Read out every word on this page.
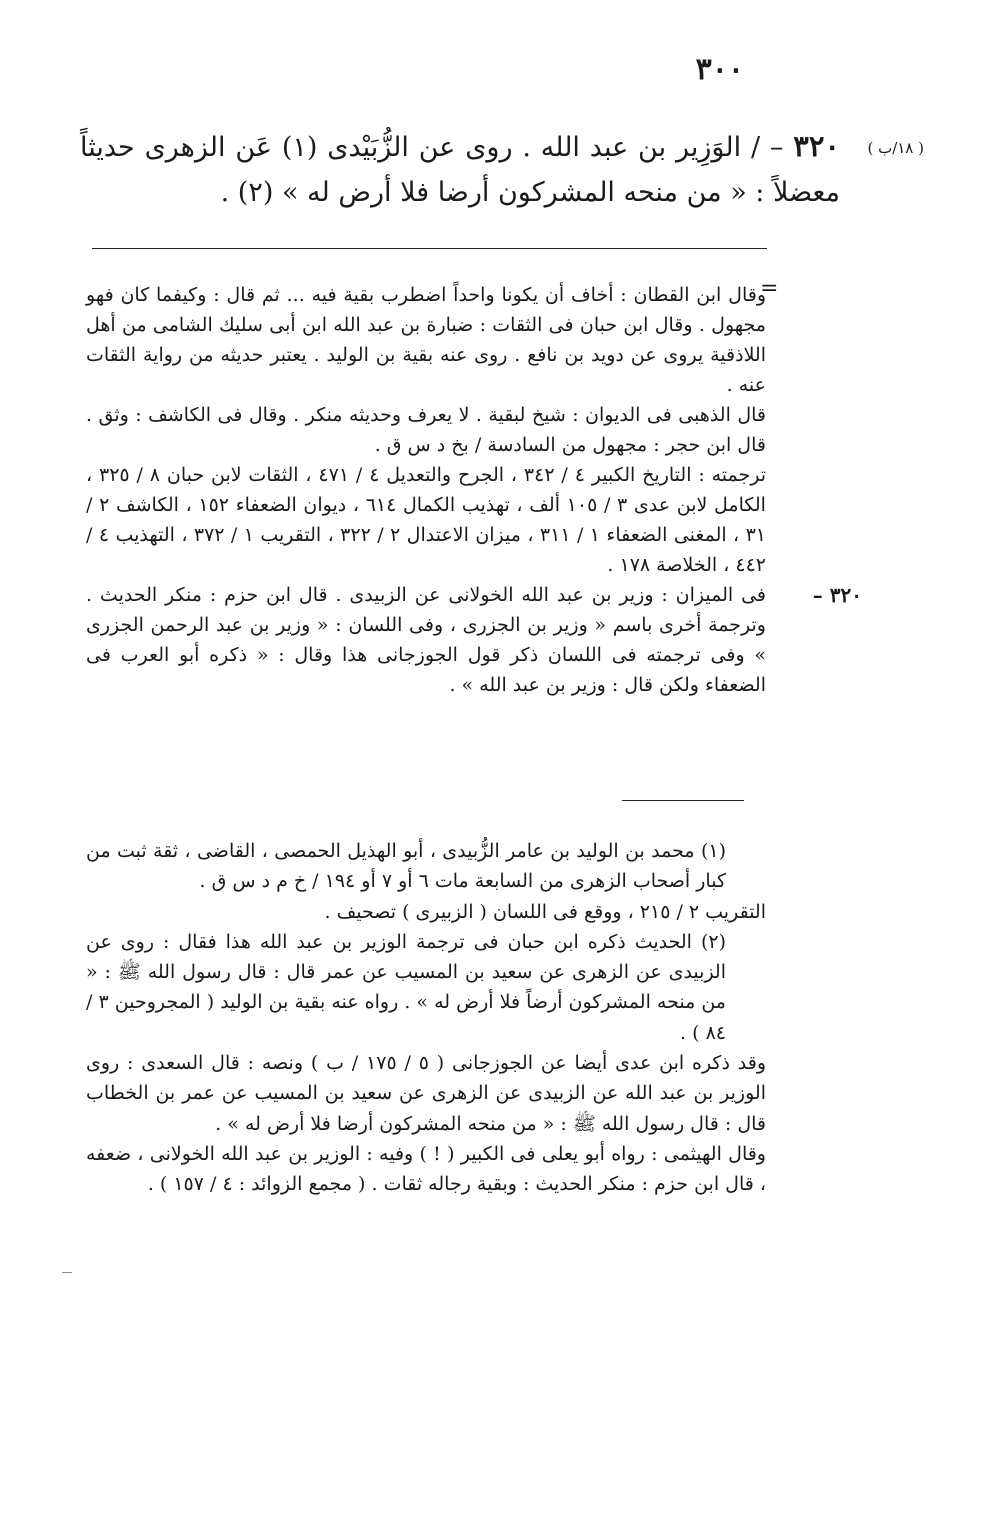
٣٠٠
( ١٨/ب )
٣٢٠ – / الوَزِير بن عبد الله . روى عن الزُّبَيْدى (١) عَن الزهرى حديثاً معضلاً : « من منحه المشركون أرضا فلا أرض له » (٢) .
=

وقال ابن القطان : أخاف أن يكونا واحداً اضطرب بقية فيه ... ثم قال : وكيفما كان فهو مجهول . وقال ابن حبان فى الثقات : ضبارة بن عبد الله ابن أبى سليك الشامى من أهل اللاذقية يروى عن دويد بن نافع . روى عنه بقية بن الوليد . يعتبر حديثه من رواية الثقات عنه .

قال الذهبى فى الديوان : شيخ لبقية . لا يعرف وحديثه منكر . وقال فى الكاشف : وثق . قال ابن حجر : مجهول من السادسة / بخ د س ق .

ترجمته : التاريخ الكبير ٤ / ٣٤٢ ، الجرح والتعديل ٤ / ٤٧١ ، الثقات لابن حبان ٨ / ٣٢٥ ، الكامل لابن عدى ٣ / ١٠٥ ألف ، تهذيب الكمال ٦١٤ ، ديوان الضعفاء ١٥٢ ، الكاشف ٢ / ٣١ ، المغنى الضعفاء ١ / ٣١١ ، ميزان الاعتدال ٢ / ٣٢٢ ، التقريب ١ / ٣٧٢ ، التهذيب ٤ / ٤٤٢ ، الخلاصة ١٧٨ .

٣٢٠ –
فى الميزان : وزير بن عبد الله الخولانى عن الزبيدى . قال ابن حزم : منكر الحديث . وترجمة أخرى باسم « وزير بن الجزرى ، وفى اللسان : « وزير بن عبد الرحمن الجزرى » وفى ترجمته فى اللسان ذكر قول الجوزجانى هذا وقال : « ذكره أبو العرب فى الضعفاء ولكن قال : وزير بن عبد الله » .

(١) محمد بن الوليد بن عامر الزُّبيدى ، أبو الهذيل الحمصى ، القاضى ، ثقة ثبت من كبار أصحاب الزهرى من السابعة مات ٦ أو ٧ أو ١٩٤ / خ م د س ق .

التقريب ٢ / ٢١٥ ، ووقع فى اللسان ( الزبيرى ) تصحيف .

(٢) الحديث ذكره ابن حبان فى ترجمة الوزير بن عبد الله هذا فقال : روى عن الزبيدى عن الزهرى عن سعيد بن المسيب عن عمر قال : قال رسول الله ﷺ : « من منحه المشركون أرضاً فلا أرض له » . رواه عنه بقية بن الوليد ( المجروحين ٣ / ٨٤ ) .

وقد ذكره ابن عدى أيضا عن الجوزجانى ( ٥ / ١٧٥ / ب ) ونصه : قال السعدى : روى الوزير بن عبد الله عن الزبيدى عن الزهرى عن سعيد بن المسيب عن عمر بن الخطاب قال : قال رسول الله ﷺ : « من منحه المشركون أرضا فلا أرض له » .

وقال الهيثمى : رواه أبو يعلى فى الكبير ( ! ) وفيه : الوزير بن عبد الله الخولانى ، ضعفه ، قال ابن حزم : منكر الحديث : وبقية رجاله ثقات . ( مجمع الزوائد : ٤ / ١٥٧ ) .
